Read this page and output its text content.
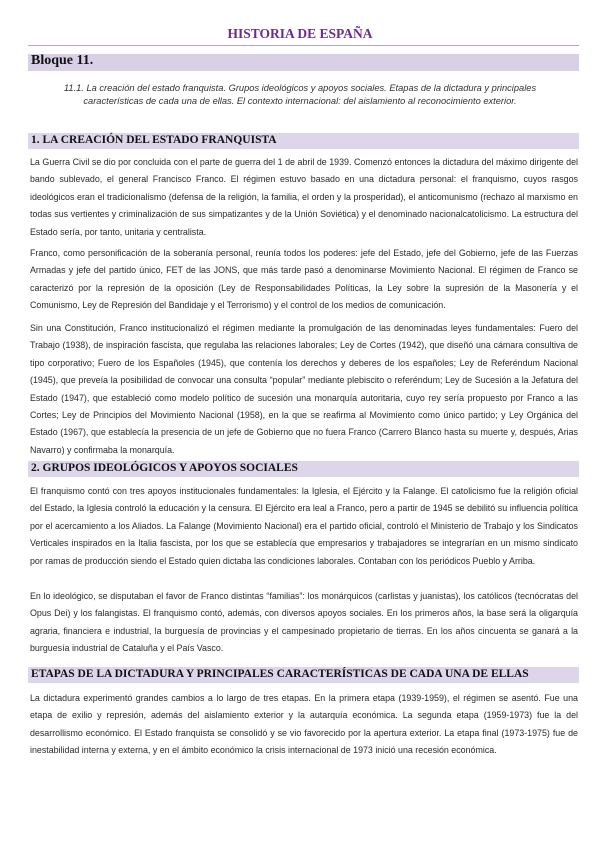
HISTORIA DE ESPAÑA
Bloque 11.
11.1. La creación del estado franquista. Grupos ideológicos y apoyos sociales. Etapas de la dictadura y principales características de cada una de ellas. El contexto internacional: del aislamiento al reconocimiento exterior.
1. LA CREACIÓN DEL ESTADO FRANQUISTA
La Guerra Civil se dio por concluida con el parte de guerra del 1 de abril de 1939. Comenzó entonces la dictadura del máximo dirigente del bando sublevado, el general Francisco Franco. El régimen estuvo basado en una dictadura personal: el franquismo, cuyos rasgos ideológicos eran el tradicionalismo (defensa de la religión, la familia, el orden y la prosperidad), el anticomunismo (rechazo al marxismo en todas sus vertientes y criminalización de sus simpatizantes y de la Unión Soviética) y el denominado nacionalcatolicismo. La estructura del Estado sería, por tanto, unitaria y centralista.
Franco, como personificación de la soberanía personal, reunía todos los poderes: jefe del Estado, jefe del Gobierno, jefe de las Fuerzas Armadas y jefe del partido único, FET de las JONS, que más tarde pasó a denominarse Movimiento Nacional. El régimen de Franco se caracterizó por la represión de la oposición (Ley de Responsabilidades Políticas, la Ley sobre la supresión de la Masonería y el Comunismo, Ley de Represión del Bandidaje y el Terrorismo) y el control de los medios de comunicación.
Sin una Constitución, Franco institucionalizó el régimen mediante la promulgación de las denominadas leyes fundamentales: Fuero del Trabajo (1938), de inspiración fascista, que regulaba las relaciones laborales; Ley de Cortes (1942), que diseñó una cámara consultiva de tipo corporativo; Fuero de los Españoles (1945), que contenía los derechos y deberes de los españoles; Ley de Referéndum Nacional (1945), que preveía la posibilidad de convocar una consulta “popular” mediante plebiscito o referéndum; Ley de Sucesión a la Jefatura del Estado (1947), que estableció como modelo político de sucesión una monarquía autoritaria, cuyo rey sería propuesto por Franco a las Cortes; Ley de Principios del Movimiento Nacional (1958), en la que se reafirma al Movimiento como único partido; y Ley Orgánica del Estado (1967), que establecía la presencia de un jefe de Gobierno que no fuera Franco (Carrero Blanco hasta su muerte y, después, Arias Navarro) y confirmaba la monarquía.
2. GRUPOS IDEOLÓGICOS Y APOYOS SOCIALES
El franquismo contó con tres apoyos institucionales fundamentales: la Iglesia, el Ejército y la Falange. El catolicismo fue la religión oficial del Estado, la Iglesia controló la educación y la censura. El Ejército era leal a Franco, pero a partir de 1945 se debilitó su influencia política por el acercamiento a los Aliados. La Falange (Movimiento Nacional) era el partido oficial, controló el Ministerio de Trabajo y los Sindicatos Verticales inspirados en la Italia fascista, por los que se establecía que empresarios y trabajadores se integrarían en un mismo sindicato por ramas de producción siendo el Estado quien dictaba las condiciones laborales. Contaban con los periódicos Pueblo y Arriba.
En lo ideológico, se disputaban el favor de Franco distintas “familias”: los monárquicos (carlistas y juanistas), los católicos (tecnócratas del Opus Dei) y los falangistas. El franquismo contó, además, con diversos apoyos sociales. En los primeros años, la base será la oligarquía agraria, financiera e industrial, la burguesía de provincias y el campesinado propietario de tierras. En los años cincuenta se ganará a la burguesía industrial de Cataluña y el País Vasco.
ETAPAS DE LA DICTADURA Y PRINCIPALES CARACTERÍSTICAS DE CADA UNA DE ELLAS
La dictadura experimentó grandes cambios a lo largo de tres etapas. En la primera etapa (1939-1959), el régimen se asentó. Fue una etapa de exilio y represión, además del aislamiento exterior y la autarquía económica. La segunda etapa (1959-1973) fue la del desarrollismo económico. El Estado franquista se consolidó y se vio favorecido por la apertura exterior. La etapa final (1973-1975) fue de inestabilidad interna y externa, y en el ámbito económico la crisis internacional de 1973 inició una recesión económica.
